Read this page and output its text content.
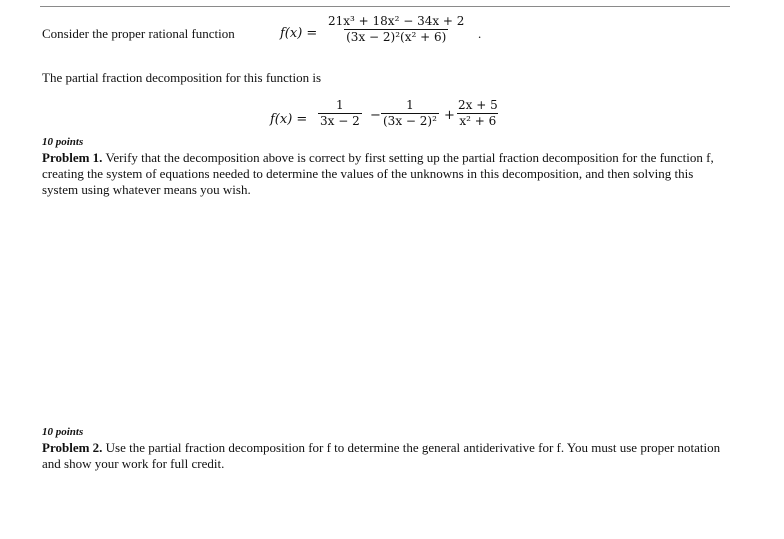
Consider the proper rational function	$f(x) = \frac{\text{21x³ + 18x² − 34x + 2}}{\text{(3x − 2)²(x² + 6)}}$ .
The partial fraction decomposition for this function is
$f(x) = \frac{1}{3x - 2} - \frac{1}{\text{(3x − 2)²}} + \frac{2x + 5}{\text{x² + 6}}$
10 points
Problem 1. Verify that the decomposition above is correct by first setting up the partial fraction decomposition for the function f, creating the system of equations needed to determine the values of the unknowns in this decomposition, and then solving this system using whatever means you wish.
10 points
Problem 2. Use the partial fraction decomposition for f to determine the general antiderivative for f. You must use proper notation and show your work for full credit.
